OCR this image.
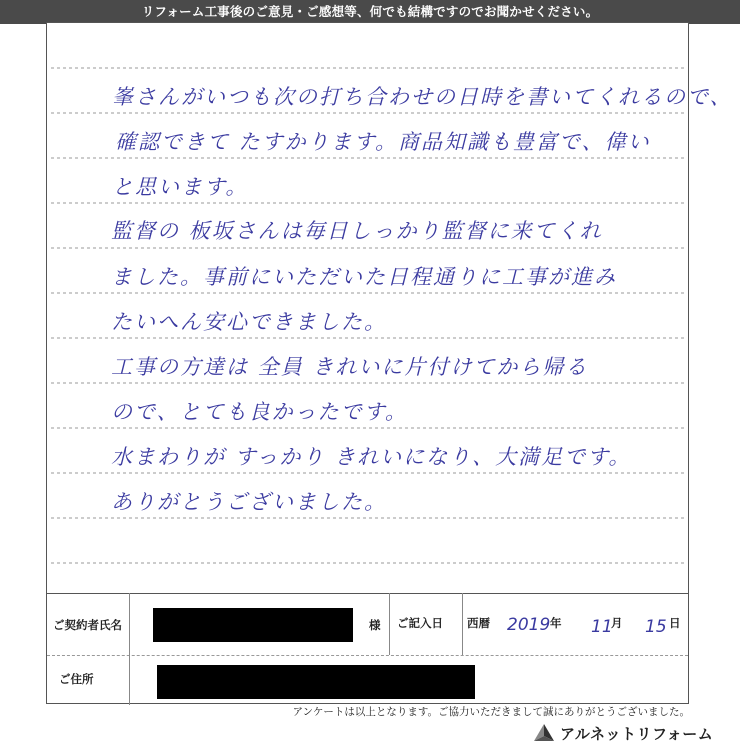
リフォーム工事後のご意見・ご感想等、何でも結構ですのでお聞かせください。
峯さんがいつも次の打ち合わせの日時を書いてくれるので、
確認できて たすかります。商品知識も豊富で、偉い
と思います。
監督の 板坂さんは毎日しっかり監督に来てくれ
ました。事前にいただいた日程通りに工事が進み
たいへん安心できました。
工事の方達は 全員 きれいに片付けてから帰る
ので、とても良かったです。
水まわりが すっかり きれいになり、大満足です。
ありがとうございました。
ご契約者氏名	様 ご記入日 西暦 2019 年 11
月 15 日
ご住所
アンケートは以上となります。ご協力いただきまして誠にありがとうございました。
アルネットリフォーム
